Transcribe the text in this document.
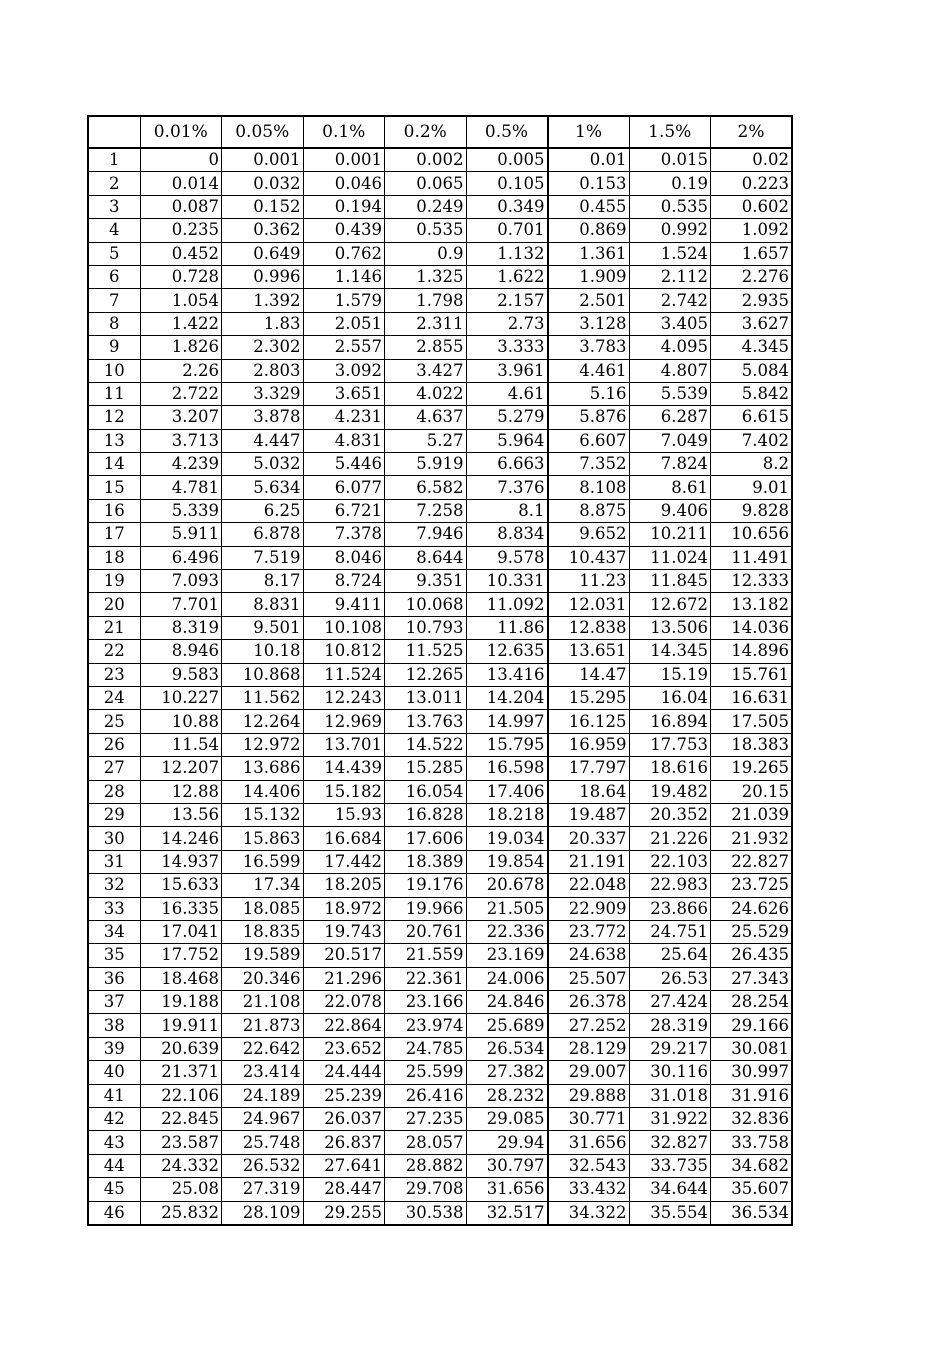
	0.01%	0.05%	0.1%	0.2%	0.5%	1%	1.5%	2%
1	0	0.001	0.001	0.002	0.005	0.01	0.015	0.02
2	0.014	0.032	0.046	0.065	0.105	0.153	0.19	0.223
3	0.087	0.152	0.194	0.249	0.349	0.455	0.535	0.602
4	0.235	0.362	0.439	0.535	0.701	0.869	0.992	1.092
5	0.452	0.649	0.762	0.9	1.132	1.361	1.524	1.657
6	0.728	0.996	1.146	1.325	1.622	1.909	2.112	2.276
7	1.054	1.392	1.579	1.798	2.157	2.501	2.742	2.935
8	1.422	1.83	2.051	2.311	2.73	3.128	3.405	3.627
9	1.826	2.302	2.557	2.855	3.333	3.783	4.095	4.345
10	2.26	2.803	3.092	3.427	3.961	4.461	4.807	5.084
11	2.722	3.329	3.651	4.022	4.61	5.16	5.539	5.842
12	3.207	3.878	4.231	4.637	5.279	5.876	6.287	6.615
13	3.713	4.447	4.831	5.27	5.964	6.607	7.049	7.402
14	4.239	5.032	5.446	5.919	6.663	7.352	7.824	8.2
15	4.781	5.634	6.077	6.582	7.376	8.108	8.61	9.01
16	5.339	6.25	6.721	7.258	8.1	8.875	9.406	9.828
17	5.911	6.878	7.378	7.946	8.834	9.652	10.211	10.656
18	6.496	7.519	8.046	8.644	9.578	10.437	11.024	11.491
19	7.093	8.17	8.724	9.351	10.331	11.23	11.845	12.333
20	7.701	8.831	9.411	10.068	11.092	12.031	12.672	13.182
21	8.319	9.501	10.108	10.793	11.86	12.838	13.506	14.036
22	8.946	10.18	10.812	11.525	12.635	13.651	14.345	14.896
23	9.583	10.868	11.524	12.265	13.416	14.47	15.19	15.761
24	10.227	11.562	12.243	13.011	14.204	15.295	16.04	16.631
25	10.88	12.264	12.969	13.763	14.997	16.125	16.894	17.505
26	11.54	12.972	13.701	14.522	15.795	16.959	17.753	18.383
27	12.207	13.686	14.439	15.285	16.598	17.797	18.616	19.265
28	12.88	14.406	15.182	16.054	17.406	18.64	19.482	20.15
29	13.56	15.132	15.93	16.828	18.218	19.487	20.352	21.039
30	14.246	15.863	16.684	17.606	19.034	20.337	21.226	21.932
31	14.937	16.599	17.442	18.389	19.854	21.191	22.103	22.827
32	15.633	17.34	18.205	19.176	20.678	22.048	22.983	23.725
33	16.335	18.085	18.972	19.966	21.505	22.909	23.866	24.626
34	17.041	18.835	19.743	20.761	22.336	23.772	24.751	25.529
35	17.752	19.589	20.517	21.559	23.169	24.638	25.64	26.435
36	18.468	20.346	21.296	22.361	24.006	25.507	26.53	27.343
37	19.188	21.108	22.078	23.166	24.846	26.378	27.424	28.254
38	19.911	21.873	22.864	23.974	25.689	27.252	28.319	29.166
39	20.639	22.642	23.652	24.785	26.534	28.129	29.217	30.081
40	21.371	23.414	24.444	25.599	27.382	29.007	30.116	30.997
41	22.106	24.189	25.239	26.416	28.232	29.888	31.018	31.916
42	22.845	24.967	26.037	27.235	29.085	30.771	31.922	32.836
43	23.587	25.748	26.837	28.057	29.94	31.656	32.827	33.758
44	24.332	26.532	27.641	28.882	30.797	32.543	33.735	34.682
45	25.08	27.319	28.447	29.708	31.656	33.432	34.644	35.607
46	25.832	28.109	29.255	30.538	32.517	34.322	35.554	36.534
